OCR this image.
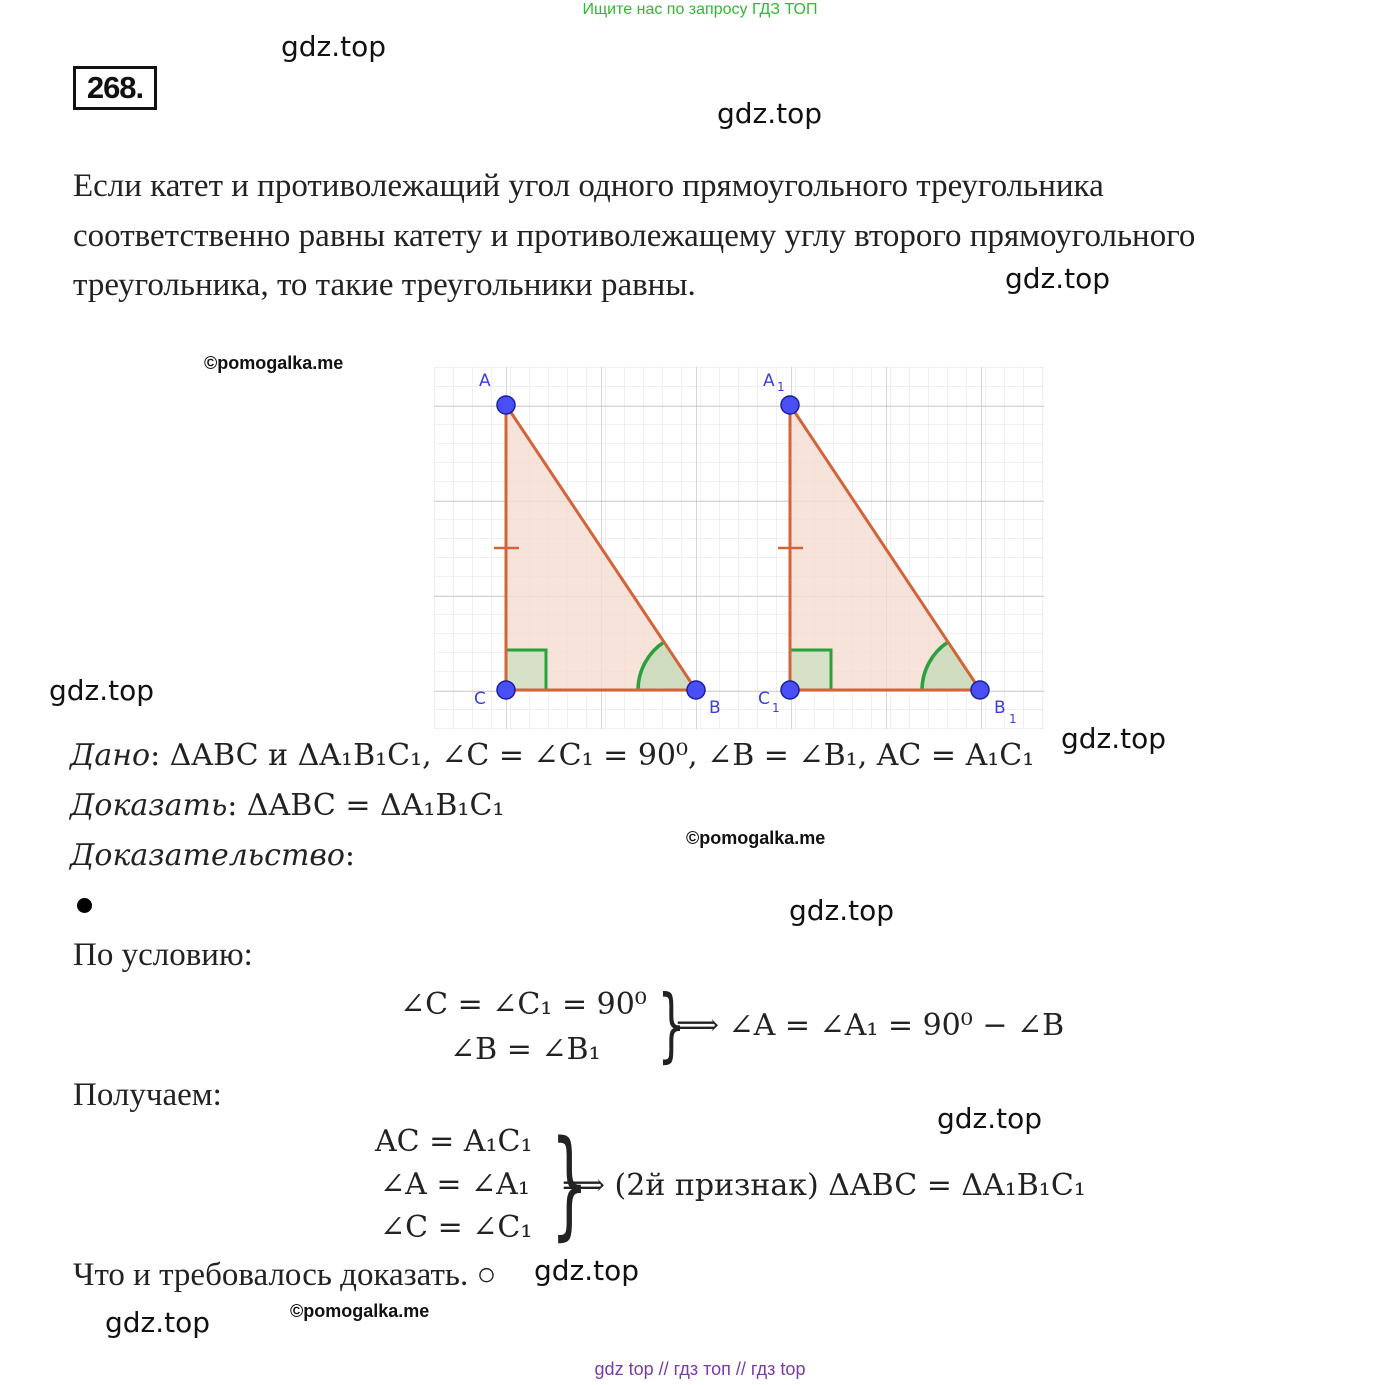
Ищите нас по запросу ГДЗ ТОП
268.
gdz.top
gdz.top
gdz.top
gdz.top
gdz.top
gdz.top
gdz.top
gdz.top
gdz.top
©pomogalka.me
©pomogalka.me
©pomogalka.me
Если катет и противолежащий угол одного прямоугольного треугольника
соответственно равны катету и противолежащему углу второго прямоугольного
треугольника, то такие треугольники равны.
A
C	B
A 1
C 1	B
1
Дано: ΔABC и ΔA₁B₁C₁, ∠C = ∠C₁ = 90⁰, ∠B = ∠B₁, AC = A₁C₁
Доказать: ΔABC = ΔA₁B₁C₁
Доказательство:
По условию:
∠C = ∠C₁ = 90⁰
∠B = ∠B₁ }
⟹ ∠A = ∠A₁ = 90⁰ − ∠B
Получаем:
AC = A₁C₁
∠A = ∠A₁
∠C = ∠C₁ }
⟹ (2й признак) ΔABC = ΔA₁B₁C₁
Что и требовалось доказать. ○
gdz top // гдз топ // гдз top
